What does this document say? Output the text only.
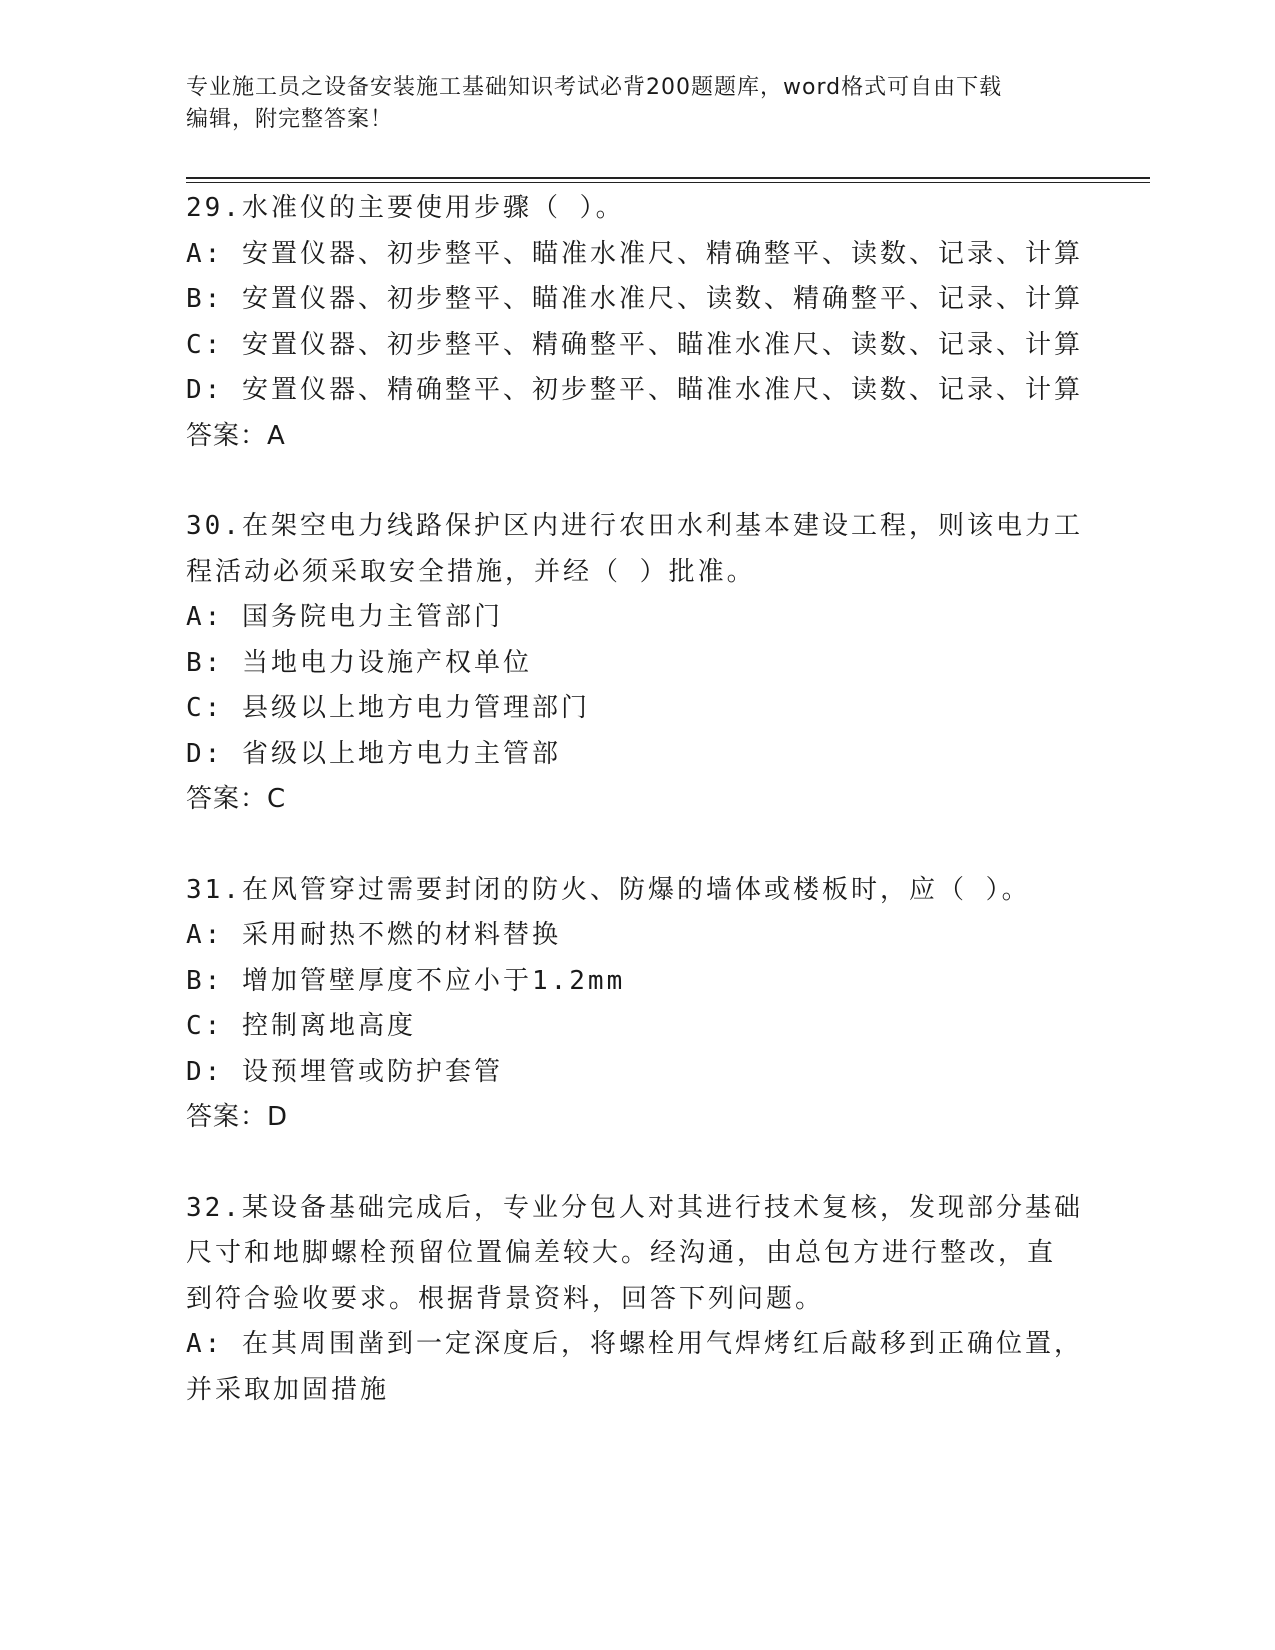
专业施工员之设备安装施工基础知识考试必背200题题库，word格式可自由下载
编辑，附完整答案！
29.水准仪的主要使用步骤（ ）。
A: 安置仪器、初步整平、瞄准水准尺、精确整平、读数、记录、计算
B: 安置仪器、初步整平、瞄准水准尺、读数、精确整平、记录、计算
C: 安置仪器、初步整平、精确整平、瞄准水准尺、读数、记录、计算
D: 安置仪器、精确整平、初步整平、瞄准水准尺、读数、记录、计算
答案：A
30.在架空电力线路保护区内进行农田水利基本建设工程，则该电力工
程活动必须采取安全措施，并经（ ）批准。
A: 国务院电力主管部门
B: 当地电力设施产权单位
C: 县级以上地方电力管理部门
D: 省级以上地方电力主管部
答案：C
31.在风管穿过需要封闭的防火、防爆的墙体或楼板时，应（ ）。
A: 采用耐热不燃的材料替换
B: 增加管壁厚度不应小于1.2mm
C: 控制离地高度
D: 设预埋管或防护套管
答案：D
32.某设备基础完成后，专业分包人对其进行技术复核，发现部分基础
尺寸和地脚螺栓预留位置偏差较大。经沟通，由总包方进行整改，直
到符合验收要求。根据背景资料，回答下列问题。
A: 在其周围凿到一定深度后，将螺栓用气焊烤红后敲移到正确位置，
并采取加固措施
